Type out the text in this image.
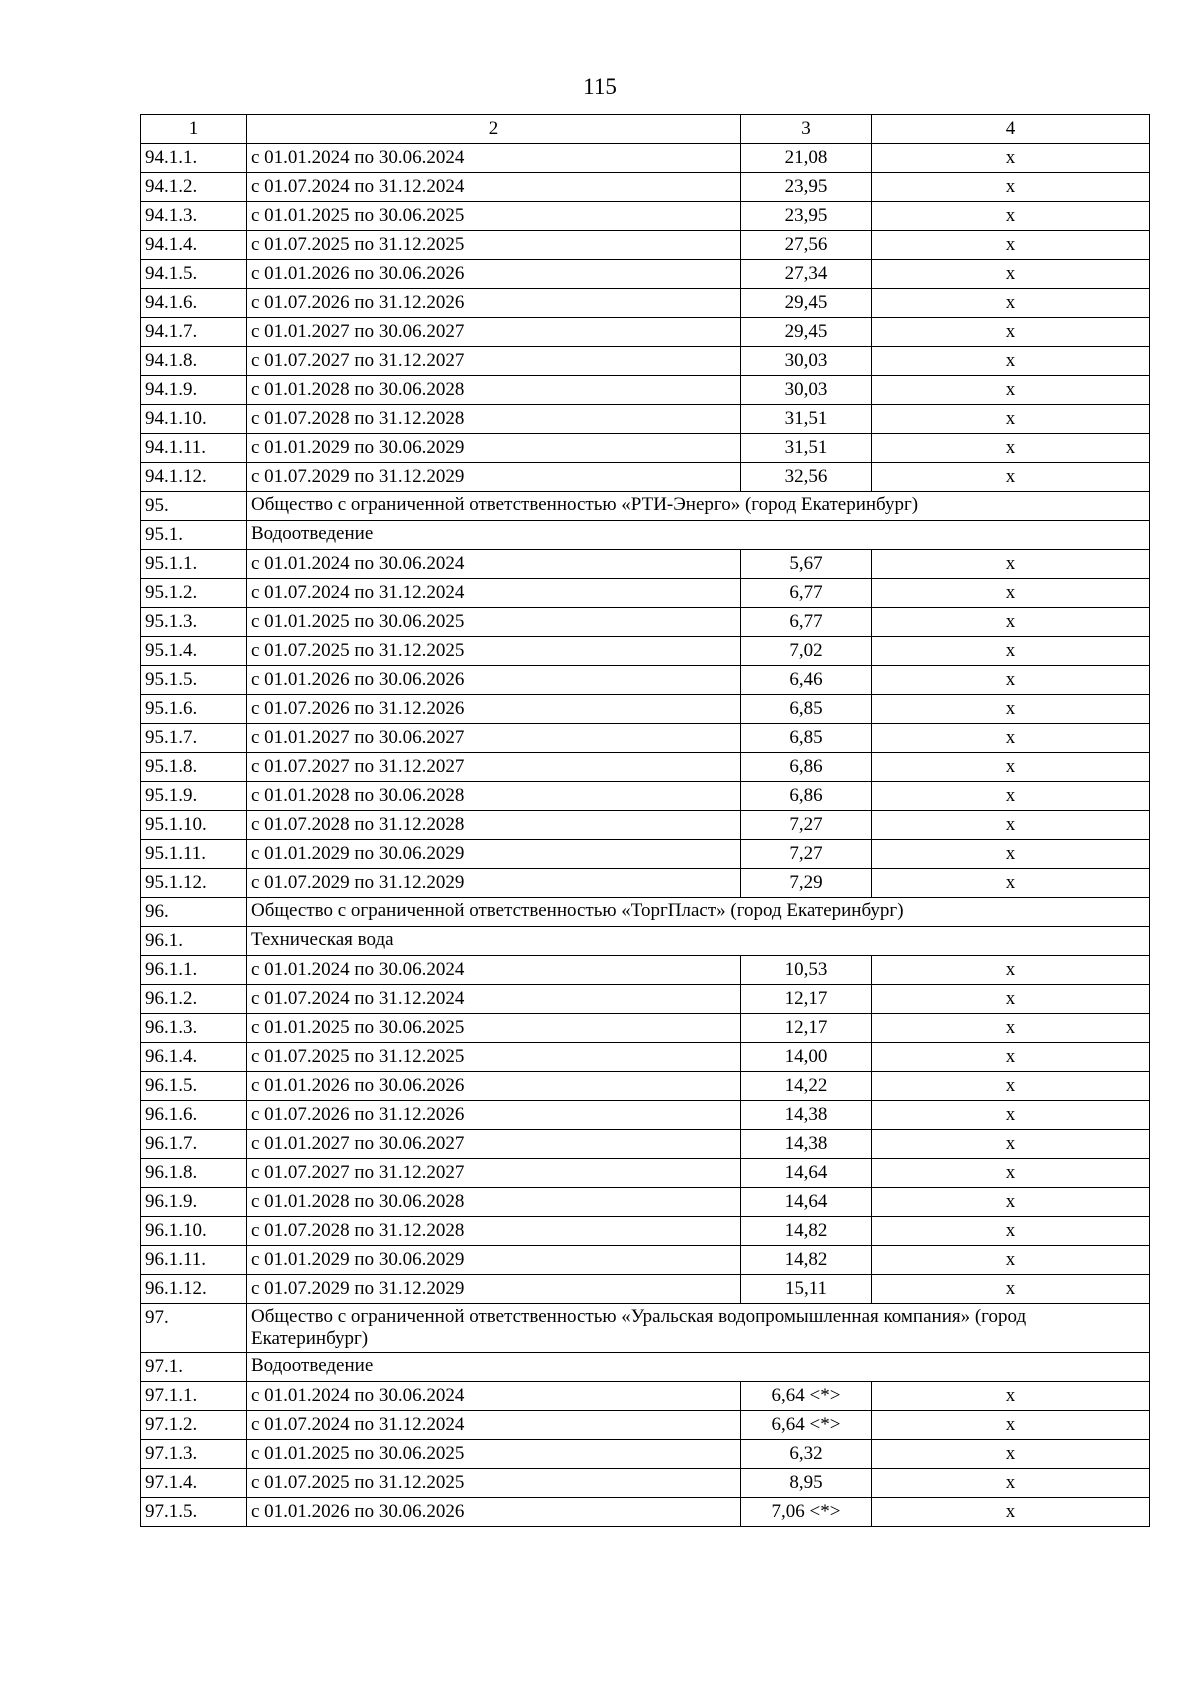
115
1	2	3	4
94.1.1.	с 01.01.2024 по 30.06.2024	21,08	x
94.1.2.	с 01.07.2024 по 31.12.2024	23,95	x
94.1.3.	с 01.01.2025 по 30.06.2025	23,95	x
94.1.4.	с 01.07.2025 по 31.12.2025	27,56	x
94.1.5.	с 01.01.2026 по 30.06.2026	27,34	x
94.1.6.	с 01.07.2026 по 31.12.2026	29,45	x
94.1.7.	с 01.01.2027 по 30.06.2027	29,45	x
94.1.8.	с 01.07.2027 по 31.12.2027	30,03	x
94.1.9.	с 01.01.2028 по 30.06.2028	30,03	x
94.1.10.	с 01.07.2028 по 31.12.2028	31,51	x
94.1.11.	с 01.01.2029 по 30.06.2029	31,51	x
94.1.12.	с 01.07.2029 по 31.12.2029	32,56	x
95.	Общество с ограниченной ответственностью «РТИ-Энерго» (город Екатеринбург)		
95.1.	Водоотведение		
95.1.1.	с 01.01.2024 по 30.06.2024	5,67	x
95.1.2.	с 01.07.2024 по 31.12.2024	6,77	x
95.1.3.	с 01.01.2025 по 30.06.2025	6,77	x
95.1.4.	с 01.07.2025 по 31.12.2025	7,02	x
95.1.5.	с 01.01.2026 по 30.06.2026	6,46	x
95.1.6.	с 01.07.2026 по 31.12.2026	6,85	x
95.1.7.	с 01.01.2027 по 30.06.2027	6,85	x
95.1.8.	с 01.07.2027 по 31.12.2027	6,86	x
95.1.9.	с 01.01.2028 по 30.06.2028	6,86	x
95.1.10.	с 01.07.2028 по 31.12.2028	7,27	x
95.1.11.	с 01.01.2029 по 30.06.2029	7,27	x
95.1.12.	с 01.07.2029 по 31.12.2029	7,29	x
96.	Общество с ограниченной ответственностью «ТоргПласт» (город Екатеринбург)		
96.1.	Техническая вода		
96.1.1.	с 01.01.2024 по 30.06.2024	10,53	x
96.1.2.	с 01.07.2024 по 31.12.2024	12,17	x
96.1.3.	с 01.01.2025 по 30.06.2025	12,17	x
96.1.4.	с 01.07.2025 по 31.12.2025	14,00	x
96.1.5.	с 01.01.2026 по 30.06.2026	14,22	x
96.1.6.	с 01.07.2026 по 31.12.2026	14,38	x
96.1.7.	с 01.01.2027 по 30.06.2027	14,38	x
96.1.8.	с 01.07.2027 по 31.12.2027	14,64	x
96.1.9.	с 01.01.2028 по 30.06.2028	14,64	x
96.1.10.	с 01.07.2028 по 31.12.2028	14,82	x
96.1.11.	с 01.01.2029 по 30.06.2029	14,82	x
96.1.12.	с 01.07.2029 по 31.12.2029	15,11	x
97.	Общество с ограниченной ответственностью «Уральская водопромышленная компания» (город Екатеринбург)		
97.1.	Водоотведение		
97.1.1.	с 01.01.2024 по 30.06.2024	6,64 <*>	x
97.1.2.	с 01.07.2024 по 31.12.2024	6,64 <*>	x
97.1.3.	с 01.01.2025 по 30.06.2025	6,32	x
97.1.4.	с 01.07.2025 по 31.12.2025	8,95	x
97.1.5.	с 01.01.2026 по 30.06.2026	7,06 <*>	x
